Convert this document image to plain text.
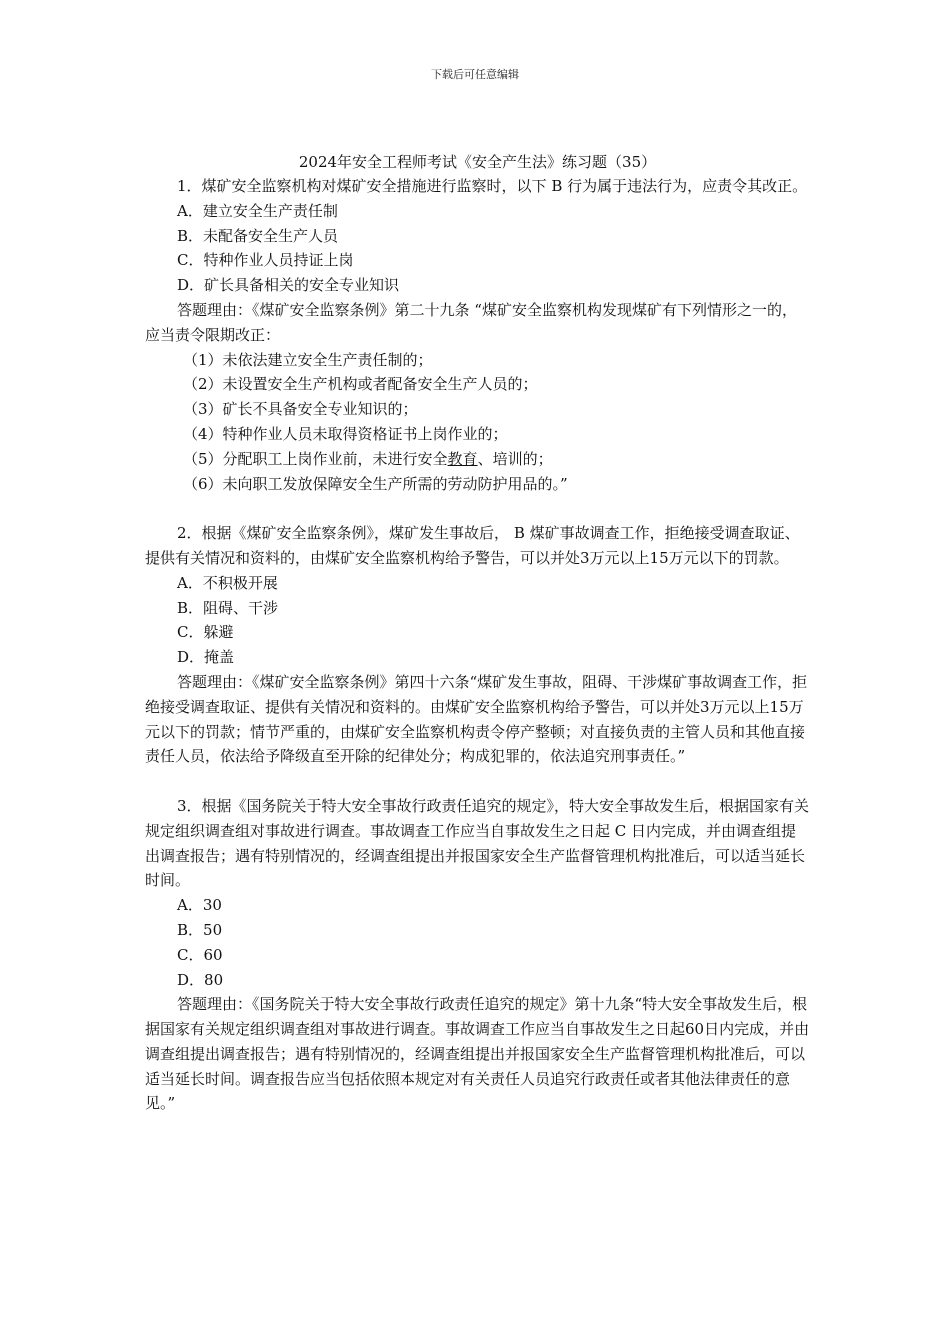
下载后可任意编辑

2024年安全工程师考试《安全产生法》练习题（35）

1．煤矿安全监察机构对煤矿安全措施进行监察时，以下 B 行为属于违法行为，应责令其改正。

A．建立安全生产责任制

B．未配备安全生产人员

C．特种作业人员持证上岗

D．矿长具备相关的安全专业知识

答题理由：《煤矿安全监察条例》第二十九条 “煤矿安全监察机构发现煤矿有下列情形之一的，应当责令限期改正：

（1）未依法建立安全生产责任制的；

（2）未设置安全生产机构或者配备安全生产人员的；

（3）矿长不具备安全专业知识的；

（4）特种作业人员未取得资格证书上岗作业的；

（5）分配职工上岗作业前，未进行安全教育、培训的；

（6）未向职工发放保障安全生产所需的劳动防护用品的。”

2．根据《煤矿安全监察条例》，煤矿发生事故后， B 煤矿事故调查工作，拒绝接受调查取证、提供有关情况和资料的，由煤矿安全监察机构给予警告，可以并处3万元以上15万元以下的罚款。

A．不积极开展

B．阻碍、干涉

C．躲避

D．掩盖

答题理由：《煤矿安全监察条例》第四十六条“煤矿发生事故，阻碍、干涉煤矿事故调查工作，拒绝接受调查取证、提供有关情况和资料的。由煤矿安全监察机构给予警告，可以并处3万元以上15万元以下的罚款；情节严重的，由煤矿安全监察机构责令停产整顿；对直接负责的主管人员和其他直接责任人员，依法给予降级直至开除的纪律处分；构成犯罪的，依法追究刑事责任。”

3．根据《国务院关于特大安全事故行政责任追究的规定》，特大安全事故发生后，根据国家有关规定组织调查组对事故进行调查。事故调查工作应当自事故发生之日起 C 日内完成，并由调查组提出调查报告；遇有特别情况的，经调查组提出并报国家安全生产监督管理机构批准后，可以适当延长时间。

A．30

B．50

C．60

D．80

答题理由：《国务院关于特大安全事故行政责任追究的规定》第十九条“特大安全事故发生后，根据国家有关规定组织调查组对事故进行调查。事故调查工作应当自事故发生之日起60日内完成，并由调查组提出调查报告；遇有特别情况的，经调查组提出并报国家安全生产监督管理机构批准后，可以适当延长时间。调查报告应当包括依照本规定对有关责任人员追究行政责任或者其他法律责任的意见。”
